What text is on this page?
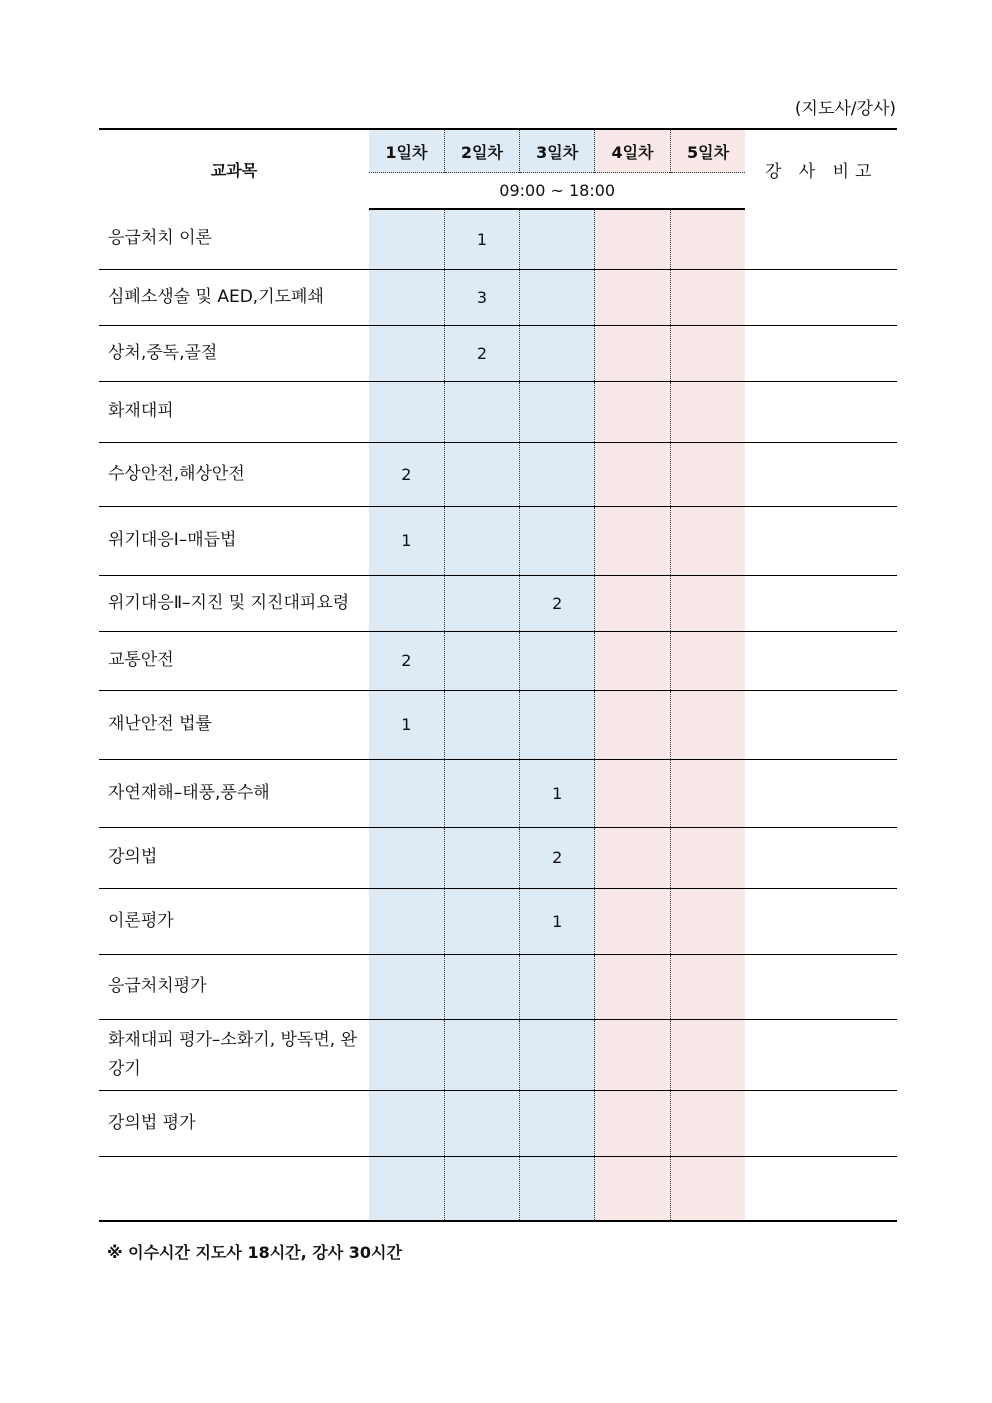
(지도사/강사)
교과목	1일차	2일차	3일차	4일차	5일차	강 사 비고
	09:00 ~ 18:00					
응급처치 이론		1				
심폐소생술 및 AED,기도폐쇄		3				
상처,중독,골절		2				
화재대피						
수상안전,해상안전	2					
위기대응Ⅰ–매듭법	1					
위기대응Ⅱ–지진 및 지진대피요령			2			
교통안전	2					
재난안전 법률	1					
자연재해–태풍,풍수해			1			
강의법			2			
이론평가			1			
응급처치평가						
화재대피 평가–소화기, 방독면, 완강기						
강의법 평가						

※ 이수시간 지도사 18시간, 강사 30시간
